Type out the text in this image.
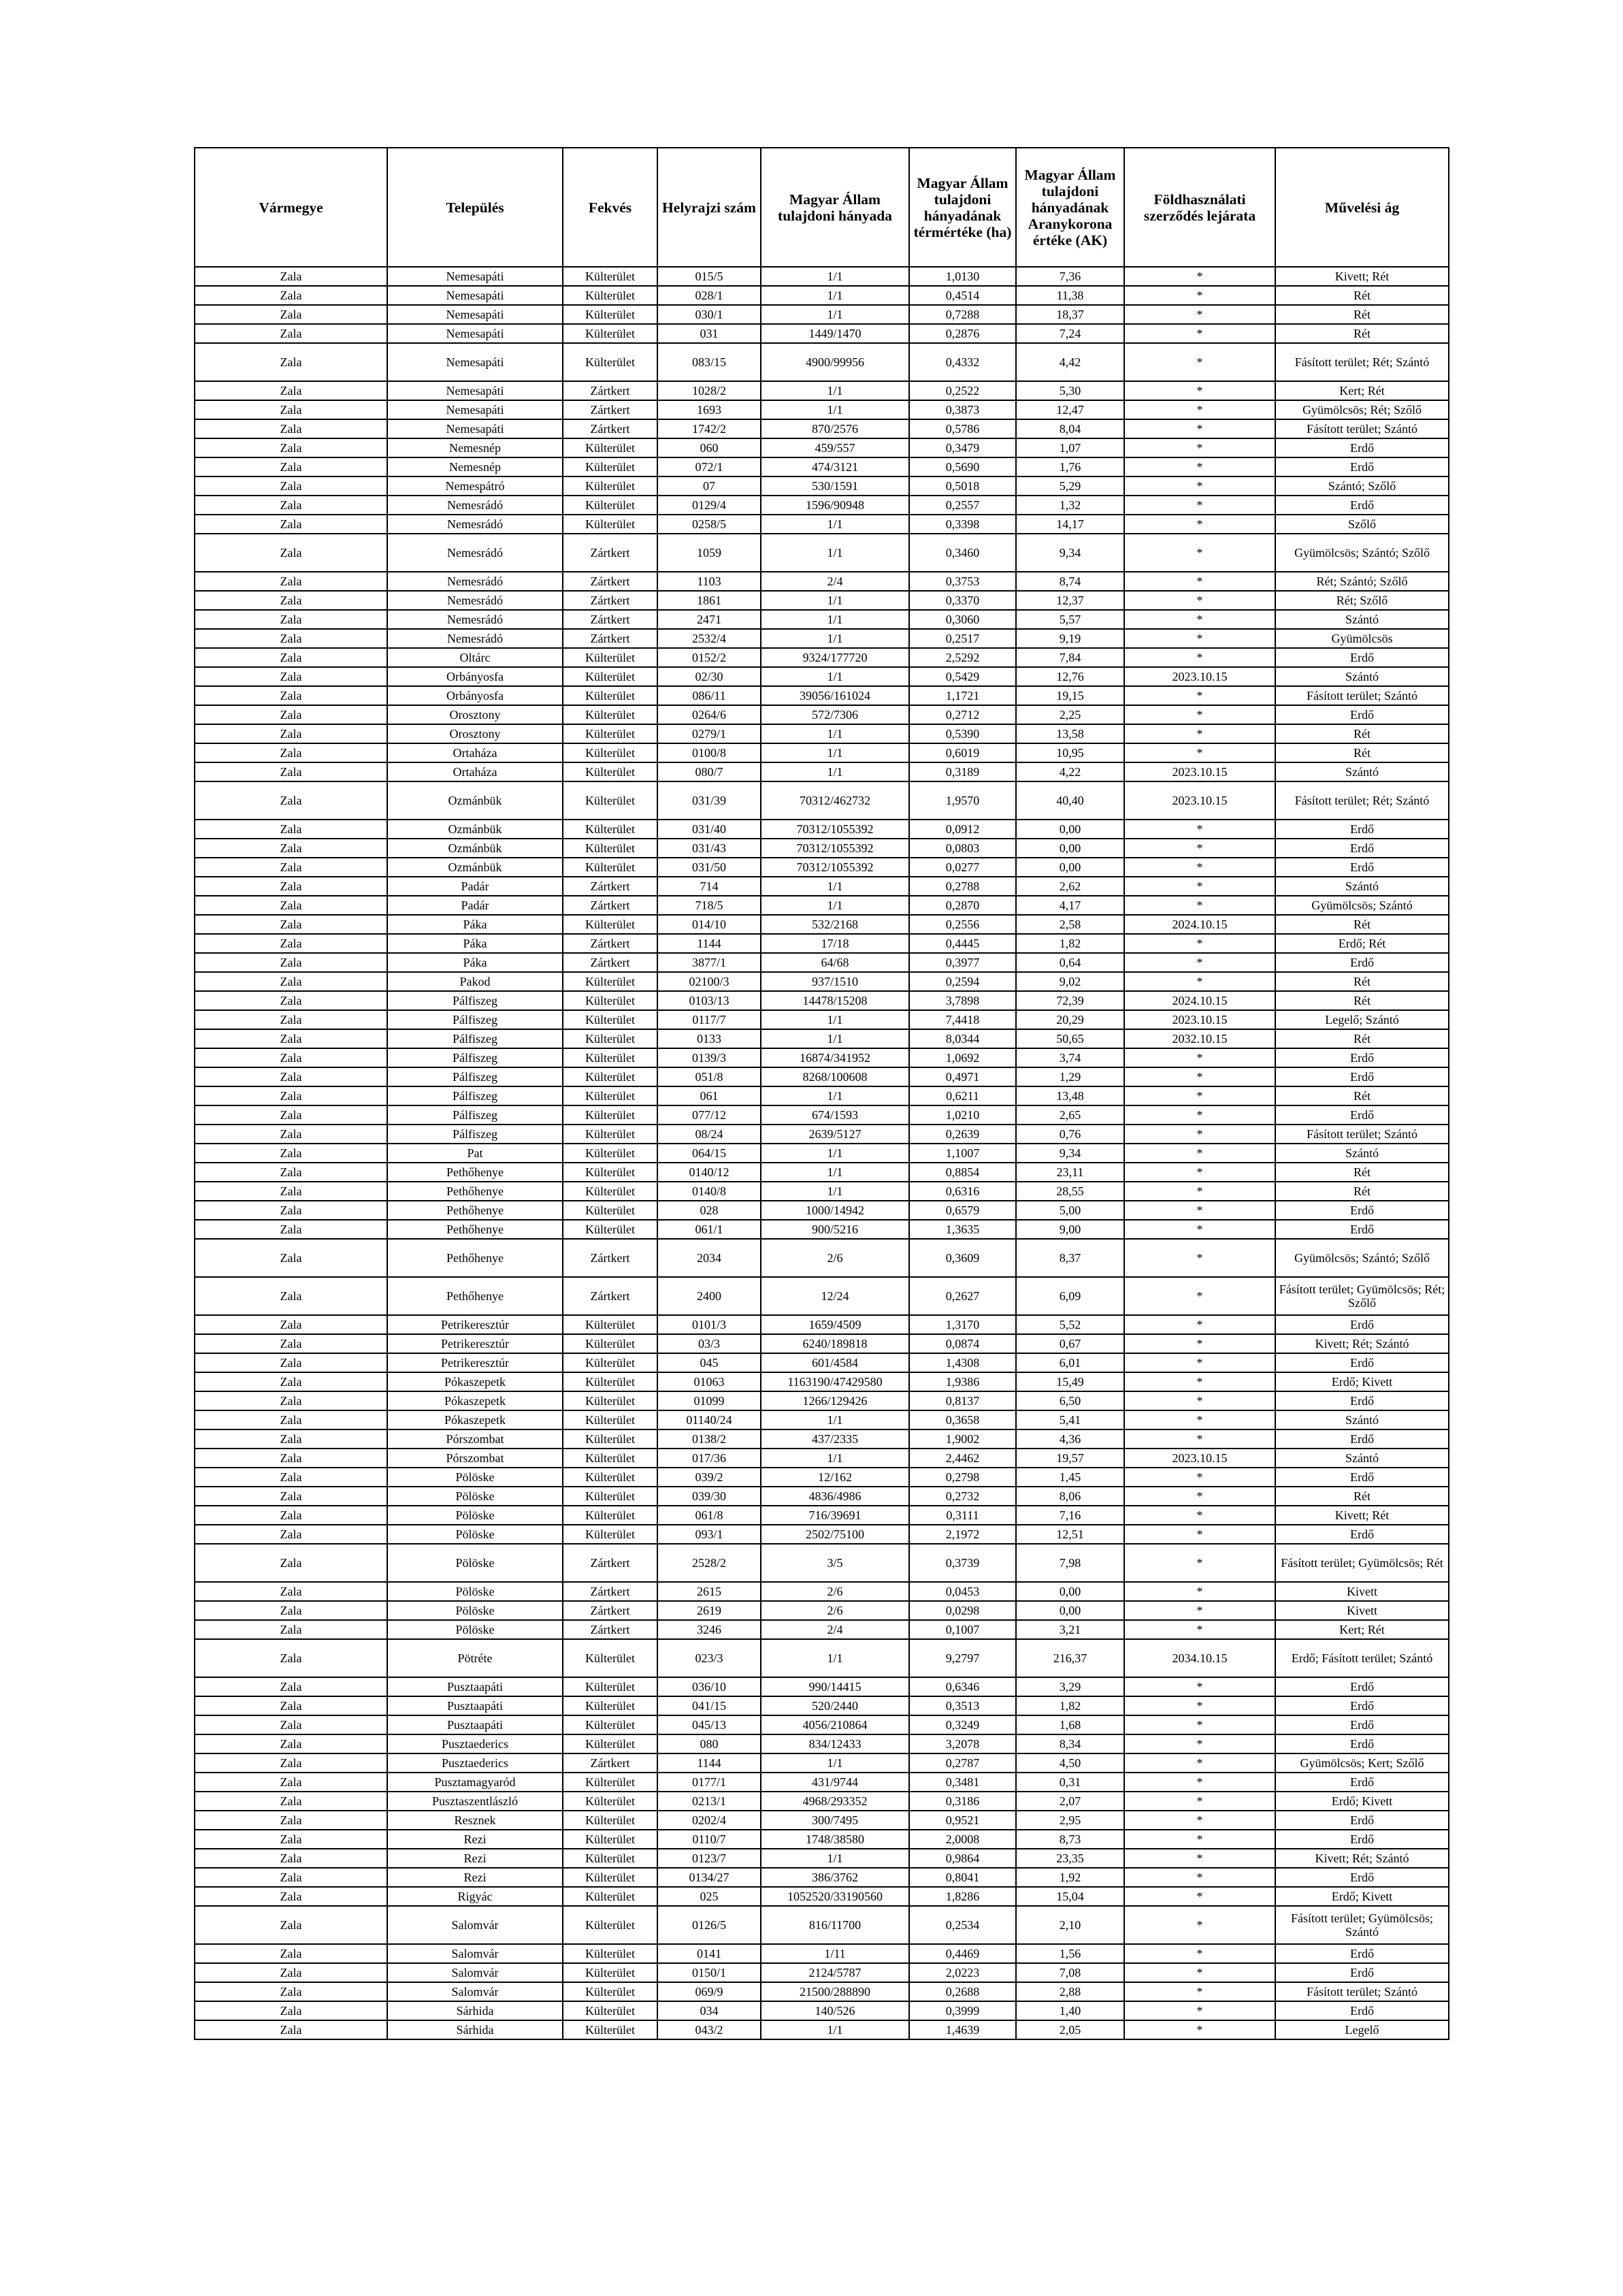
Vármegye	Település	Fekvés	Helyrajzi szám	Magyar Állam tulajdoni hányada	Magyar Állam tulajdoni hányadának térmértéke (ha)	Magyar Állam tulajdoni hányadának Aranykorona értéke (AK)	Földhasználati szerződés lejárata	Művelési ág
Zala	Nemesapáti	Külterület	015/5	1/1	1,0130	7,36	*	Kivett; Rét
Zala	Nemesapáti	Külterület	028/1	1/1	0,4514	11,38	*	Rét
Zala	Nemesapáti	Külterület	030/1	1/1	0,7288	18,37	*	Rét
Zala	Nemesapáti	Külterület	031	1449/1470	0,2876	7,24	*	Rét
Zala	Nemesapáti	Külterület	083/15	4900/99956	0,4332	4,42	*	Fásított terület; Rét; Szántó
Zala	Nemesapáti	Zártkert	1028/2	1/1	0,2522	5,30	*	Kert; Rét
Zala	Nemesapáti	Zártkert	1693	1/1	0,3873	12,47	*	Gyümölcsös; Rét; Szőlő
Zala	Nemesapáti	Zártkert	1742/2	870/2576	0,5786	8,04	*	Fásított terület; Szántó
Zala	Nemesnép	Külterület	060	459/557	0,3479	1,07	*	Erdő
Zala	Nemesnép	Külterület	072/1	474/3121	0,5690	1,76	*	Erdő
Zala	Nemespátró	Külterület	07	530/1591	0,5018	5,29	*	Szántó; Szőlő
Zala	Nemesrádó	Külterület	0129/4	1596/90948	0,2557	1,32	*	Erdő
Zala	Nemesrádó	Külterület	0258/5	1/1	0,3398	14,17	*	Szőlő
Zala	Nemesrádó	Zártkert	1059	1/1	0,3460	9,34	*	Gyümölcsös; Szántó; Szőlő
Zala	Nemesrádó	Zártkert	1103	2/4	0,3753	8,74	*	Rét; Szántó; Szőlő
Zala	Nemesrádó	Zártkert	1861	1/1	0,3370	12,37	*	Rét; Szőlő
Zala	Nemesrádó	Zártkert	2471	1/1	0,3060	5,57	*	Szántó
Zala	Nemesrádó	Zártkert	2532/4	1/1	0,2517	9,19	*	Gyümölcsös
Zala	Oltárc	Külterület	0152/2	9324/177720	2,5292	7,84	*	Erdő
Zala	Orbányosfa	Külterület	02/30	1/1	0,5429	12,76	2023.10.15	Szántó
Zala	Orbányosfa	Külterület	086/11	39056/161024	1,1721	19,15	*	Fásított terület; Szántó
Zala	Orosztony	Külterület	0264/6	572/7306	0,2712	2,25	*	Erdő
Zala	Orosztony	Külterület	0279/1	1/1	0,5390	13,58	*	Rét
Zala	Ortaháza	Külterület	0100/8	1/1	0,6019	10,95	*	Rét
Zala	Ortaháza	Külterület	080/7	1/1	0,3189	4,22	2023.10.15	Szántó
Zala	Ozmánbük	Külterület	031/39	70312/462732	1,9570	40,40	2023.10.15	Fásított terület; Rét; Szántó
Zala	Ozmánbük	Külterület	031/40	70312/1055392	0,0912	0,00	*	Erdő
Zala	Ozmánbük	Külterület	031/43	70312/1055392	0,0803	0,00	*	Erdő
Zala	Ozmánbük	Külterület	031/50	70312/1055392	0,0277	0,00	*	Erdő
Zala	Padár	Zártkert	714	1/1	0,2788	2,62	*	Szántó
Zala	Padár	Zártkert	718/5	1/1	0,2870	4,17	*	Gyümölcsös; Szántó
Zala	Páka	Külterület	014/10	532/2168	0,2556	2,58	2024.10.15	Rét
Zala	Páka	Zártkert	1144	17/18	0,4445	1,82	*	Erdő; Rét
Zala	Páka	Zártkert	3877/1	64/68	0,3977	0,64	*	Erdő
Zala	Pakod	Külterület	02100/3	937/1510	0,2594	9,02	*	Rét
Zala	Pálfiszeg	Külterület	0103/13	14478/15208	3,7898	72,39	2024.10.15	Rét
Zala	Pálfiszeg	Külterület	0117/7	1/1	7,4418	20,29	2023.10.15	Legelő; Szántó
Zala	Pálfiszeg	Külterület	0133	1/1	8,0344	50,65	2032.10.15	Rét
Zala	Pálfiszeg	Külterület	0139/3	16874/341952	1,0692	3,74	*	Erdő
Zala	Pálfiszeg	Külterület	051/8	8268/100608	0,4971	1,29	*	Erdő
Zala	Pálfiszeg	Külterület	061	1/1	0,6211	13,48	*	Rét
Zala	Pálfiszeg	Külterület	077/12	674/1593	1,0210	2,65	*	Erdő
Zala	Pálfiszeg	Külterület	08/24	2639/5127	0,2639	0,76	*	Fásított terület; Szántó
Zala	Pat	Külterület	064/15	1/1	1,1007	9,34	*	Szántó
Zala	Pethőhenye	Külterület	0140/12	1/1	0,8854	23,11	*	Rét
Zala	Pethőhenye	Külterület	0140/8	1/1	0,6316	28,55	*	Rét
Zala	Pethőhenye	Külterület	028	1000/14942	0,6579	5,00	*	Erdő
Zala	Pethőhenye	Külterület	061/1	900/5216	1,3635	9,00	*	Erdő
Zala	Pethőhenye	Zártkert	2034	2/6	0,3609	8,37	*	Gyümölcsös; Szántó; Szőlő
Zala	Pethőhenye	Zártkert	2400	12/24	0,2627	6,09	*	Fásított terület; Gyümölcsös; Rét; Szőlő
Zala	Petrikeresztúr	Külterület	0101/3	1659/4509	1,3170	5,52	*	Erdő
Zala	Petrikeresztúr	Külterület	03/3	6240/189818	0,0874	0,67	*	Kivett; Rét; Szántó
Zala	Petrikeresztúr	Külterület	045	601/4584	1,4308	6,01	*	Erdő
Zala	Pókaszepetk	Külterület	01063	1163190/47429580	1,9386	15,49	*	Erdő; Kivett
Zala	Pókaszepetk	Külterület	01099	1266/129426	0,8137	6,50	*	Erdő
Zala	Pókaszepetk	Külterület	01140/24	1/1	0,3658	5,41	*	Szántó
Zala	Pórszombat	Külterület	0138/2	437/2335	1,9002	4,36	*	Erdő
Zala	Pórszombat	Külterület	017/36	1/1	2,4462	19,57	2023.10.15	Szántó
Zala	Pölöske	Külterület	039/2	12/162	0,2798	1,45	*	Erdő
Zala	Pölöske	Külterület	039/30	4836/4986	0,2732	8,06	*	Rét
Zala	Pölöske	Külterület	061/8	716/39691	0,3111	7,16	*	Kivett; Rét
Zala	Pölöske	Külterület	093/1	2502/75100	2,1972	12,51	*	Erdő
Zala	Pölöske	Zártkert	2528/2	3/5	0,3739	7,98	*	Fásított terület; Gyümölcsös; Rét
Zala	Pölöske	Zártkert	2615	2/6	0,0453	0,00	*	Kivett
Zala	Pölöske	Zártkert	2619	2/6	0,0298	0,00	*	Kivett
Zala	Pölöske	Zártkert	3246	2/4	0,1007	3,21	*	Kert; Rét
Zala	Pötréte	Külterület	023/3	1/1	9,2797	216,37	2034.10.15	Erdő; Fásított terület; Szántó
Zala	Pusztaapáti	Külterület	036/10	990/14415	0,6346	3,29	*	Erdő
Zala	Pusztaapáti	Külterület	041/15	520/2440	0,3513	1,82	*	Erdő
Zala	Pusztaapáti	Külterület	045/13	4056/210864	0,3249	1,68	*	Erdő
Zala	Pusztaederics	Külterület	080	834/12433	3,2078	8,34	*	Erdő
Zala	Pusztaederics	Zártkert	1144	1/1	0,2787	4,50	*	Gyümölcsös; Kert; Szőlő
Zala	Pusztamagyaród	Külterület	0177/1	431/9744	0,3481	0,31	*	Erdő
Zala	Pusztaszentlászló	Külterület	0213/1	4968/293352	0,3186	2,07	*	Erdő; Kivett
Zala	Resznek	Külterület	0202/4	300/7495	0,9521	2,95	*	Erdő
Zala	Rezi	Külterület	0110/7	1748/38580	2,0008	8,73	*	Erdő
Zala	Rezi	Külterület	0123/7	1/1	0,9864	23,35	*	Kivett; Rét; Szántó
Zala	Rezi	Külterület	0134/27	386/3762	0,8041	1,92	*	Erdő
Zala	Rigyác	Külterület	025	1052520/33190560	1,8286	15,04	*	Erdő; Kivett
Zala	Salomvár	Külterület	0126/5	816/11700	0,2534	2,10	*	Fásított terület; Gyümölcsös; Szántó
Zala	Salomvár	Külterület	0141	1/11	0,4469	1,56	*	Erdő
Zala	Salomvár	Külterület	0150/1	2124/5787	2,0223	7,08	*	Erdő
Zala	Salomvár	Külterület	069/9	21500/288890	0,2688	2,88	*	Fásított terület; Szántó
Zala	Sárhida	Külterület	034	140/526	0,3999	1,40	*	Erdő
Zala	Sárhida	Külterület	043/2	1/1	1,4639	2,05	*	Legelő
